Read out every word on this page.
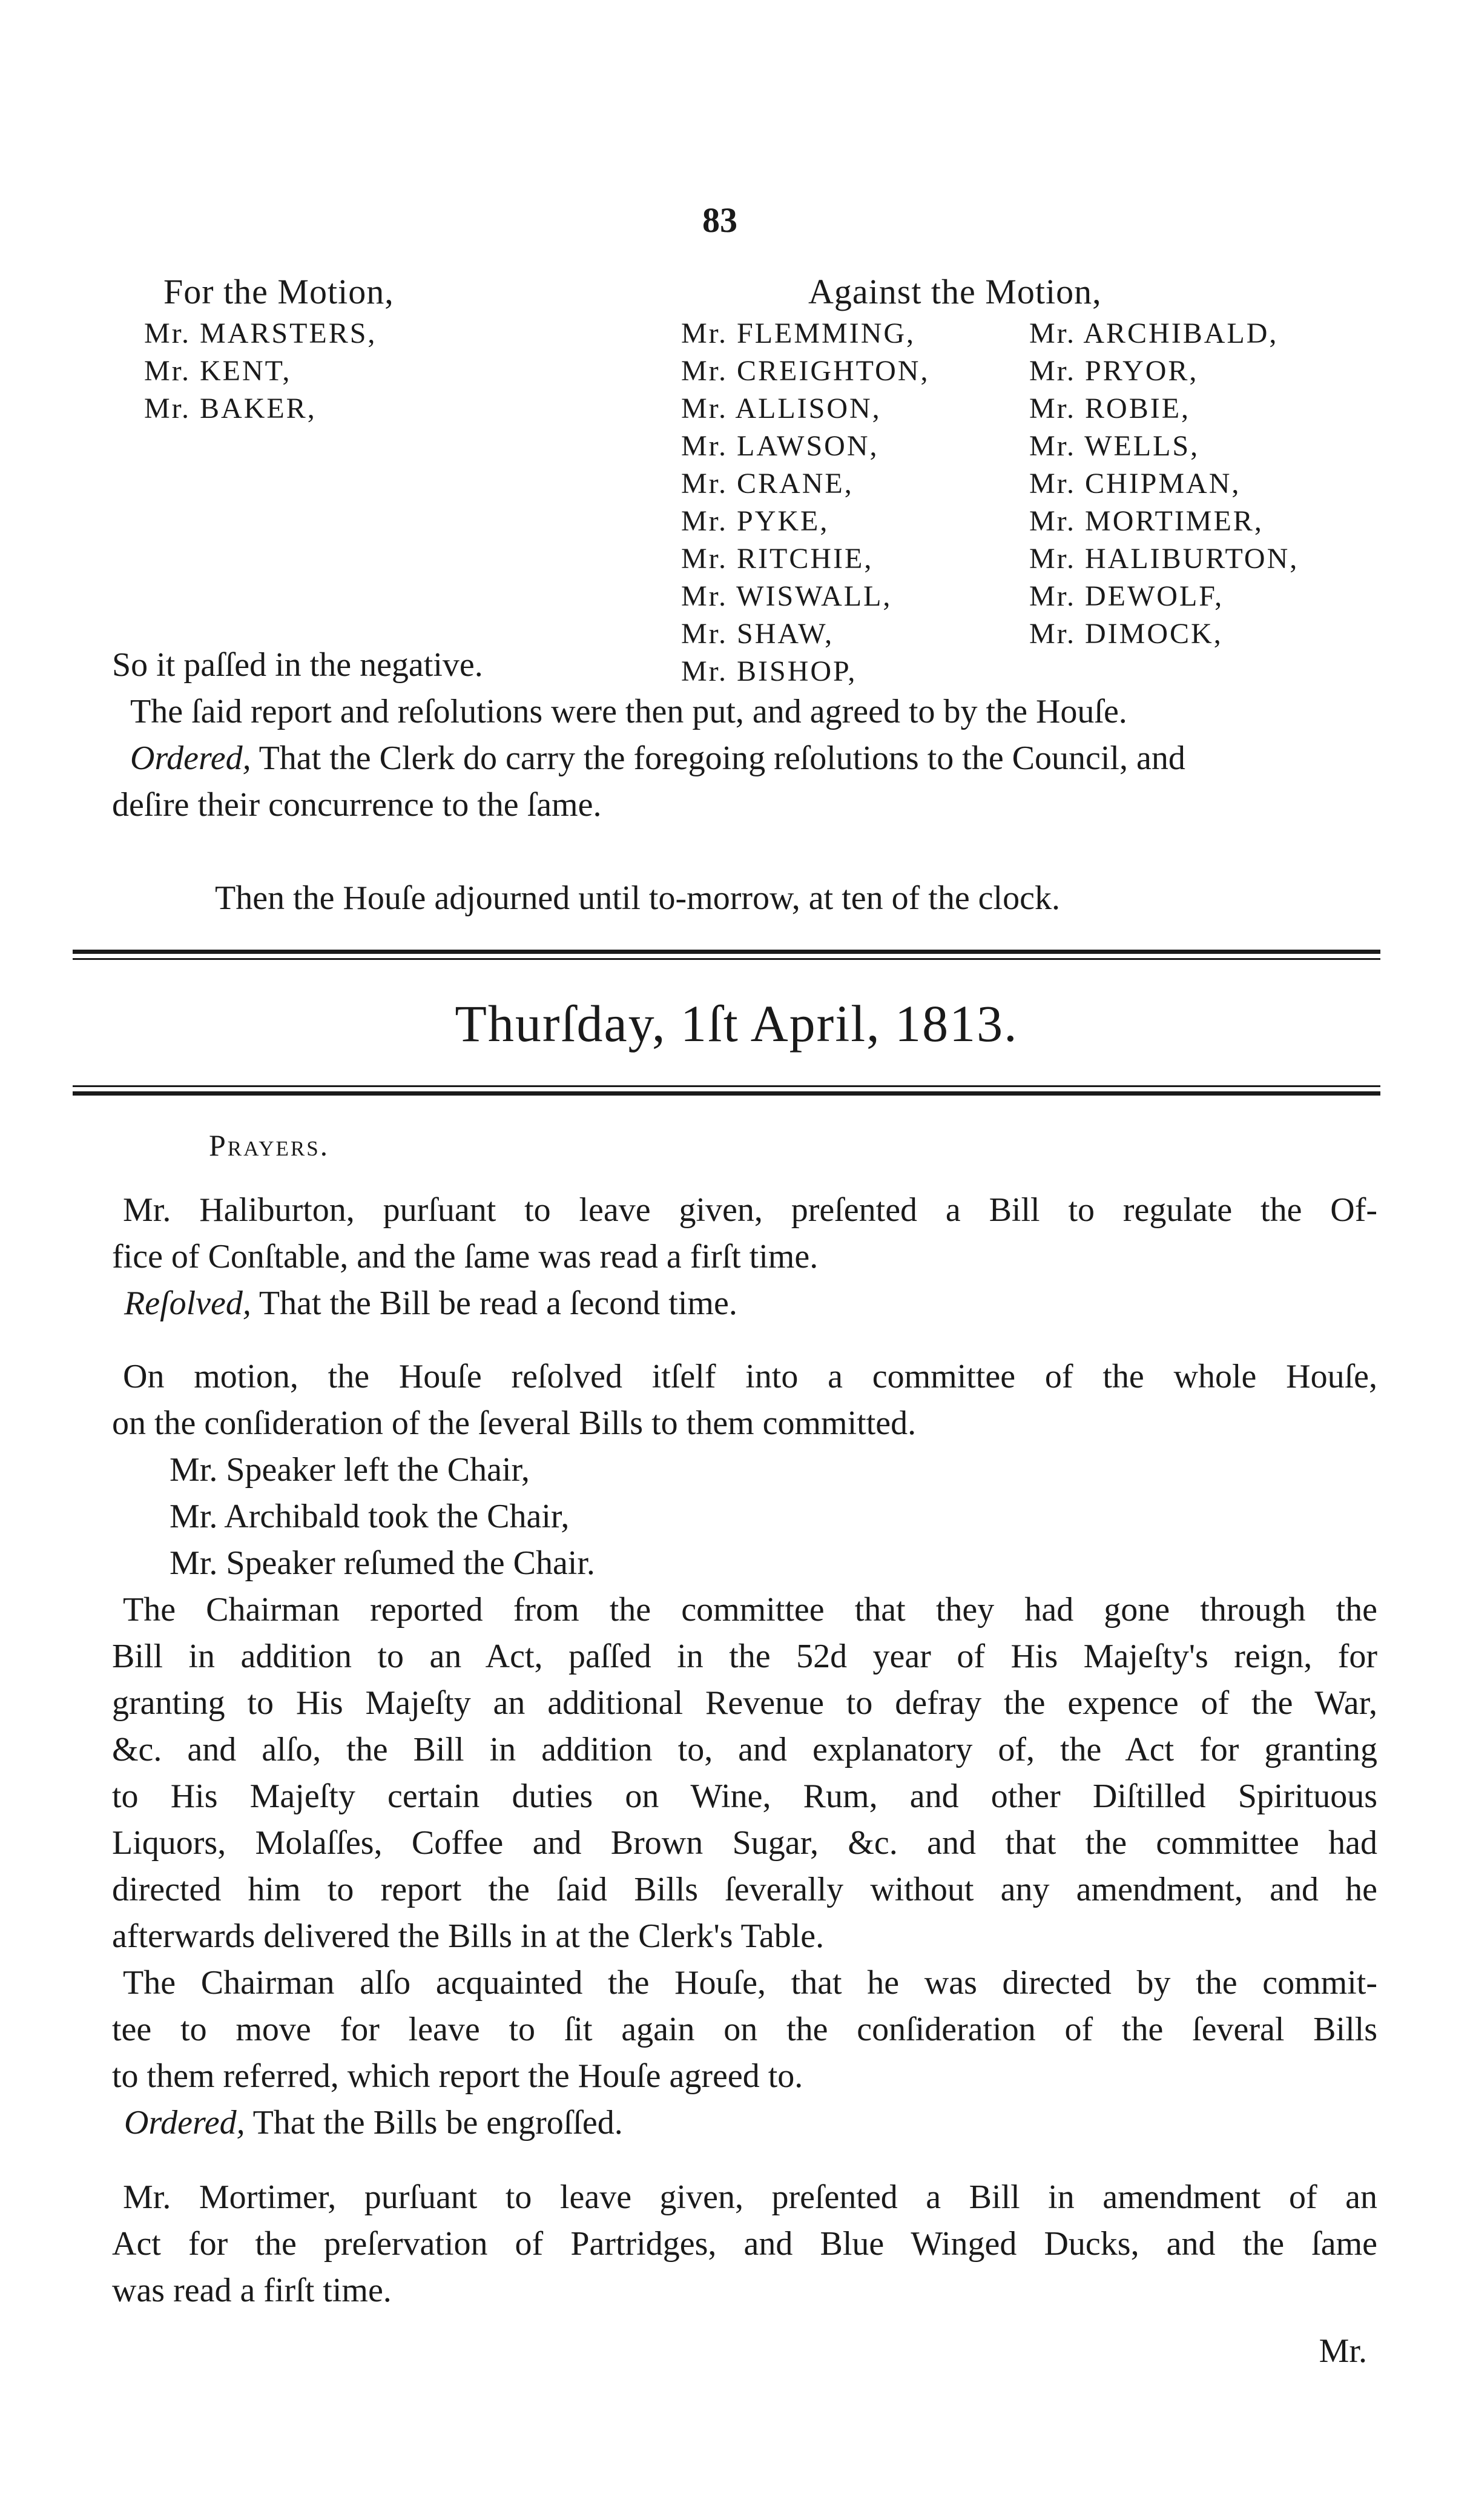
83
For the Motion,	Against the Motion,
Mr. MARSTERS,
Mr. KENT,
Mr. BAKER,
Mr. FLEMMING,
Mr. CREIGHTON,
Mr. ALLISON,
Mr. LAWSON,
Mr. CRANE,
Mr. PYKE,
Mr. RITCHIE,
Mr. WISWALL,
Mr. SHAW,
Mr. BISHOP,
Mr. ARCHIBALD,
Mr. PRYOR,
Mr. ROBIE,
Mr. WELLS,
Mr. CHIPMAN,
Mr. MORTIMER,
Mr. HALIBURTON,
Mr. DEWOLF,
Mr. DIMOCK,
So it paſſed in the negative.
The ſaid report and reſolutions were then put, and agreed to by the Houſe.
Ordered, That the Clerk do carry the foregoing reſolutions to the Council, and
deſire their concurrence to the ſame.
Then the Houſe adjourned until to-morrow, at ten of the clock.
Thurſday, 1ſt April, 1813.
Prayers.
Mr. Haliburton, purſuant to leave given, preſented a Bill to regulate the Of-
fice of Conſtable, and the ſame was read a firſt time.
Reſolved, That the Bill be read a ſecond time.
On motion, the Houſe reſolved itſelf into a committee of the whole Houſe,
on the conſideration of the ſeveral Bills to them committed.
Mr. Speaker left the Chair,
Mr. Archibald took the Chair,
Mr. Speaker reſumed the Chair.
The Chairman reported from the committee that they had gone through the
Bill in addition to an Act, paſſed in the 52d year of His Majeſty's reign, for
granting to His Majeſty an additional Revenue to defray the expence of the War,
&c. and alſo, the Bill in addition to, and explanatory of, the Act for granting
to His Majeſty certain duties on Wine, Rum, and other Diſtilled Spirituous
Liquors, Molaſſes, Coffee and Brown Sugar, &c. and that the committee had
directed him to report the ſaid Bills ſeverally without any amendment, and he
afterwards delivered the Bills in at the Clerk's Table.
The Chairman alſo acquainted the Houſe, that he was directed by the commit-
tee to move for leave to ſit again on the conſideration of the ſeveral Bills
to them referred, which report the Houſe agreed to.
Ordered, That the Bills be engroſſed.
Mr. Mortimer, purſuant to leave given, preſented a Bill in amendment of an
Act for the preſervation of Partridges, and Blue Winged Ducks, and the ſame
was read a firſt time.
Mr.
